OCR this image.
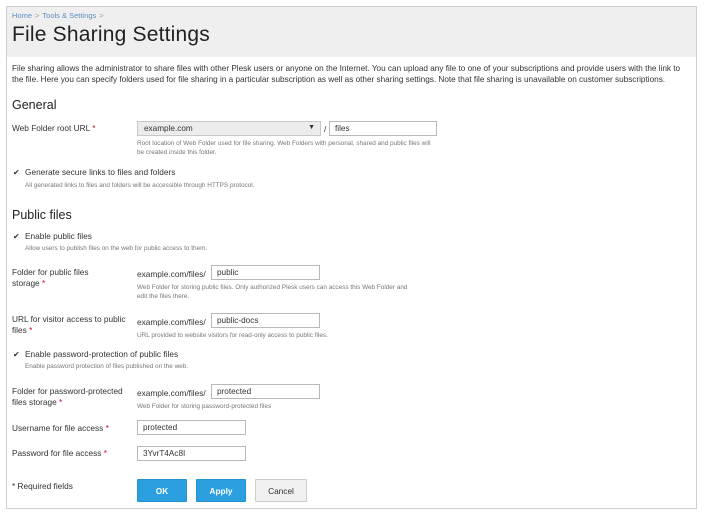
Home > Tools & Settings >
File Sharing Settings
File sharing allows the administrator to share files with other Plesk users or anyone on the Internet. You can upload any file to one of your subscriptions and provide users with the link to the file. Here you can specify folders used for file sharing in a particular subscription as well as other sharing settings. Note that file sharing is unavailable on customer subscriptions.
General
Web Folder root URL *	example.com	▼ /	files
Root location of Web Folder used for file sharing. Web Folders with personal, shared and public files will be created inside this folder.
✔ Generate secure links to files and folders
All generated links to files and folders will be accessible through HTTPS protocol.
Public files
✔ Enable public files
Allow users to publish files on the web for public access to them.
Folder for public files
storage *
example.com/files/	public
Web Folder for storing public files. Only authorized Plesk users can access this Web Folder and edit the files there.
URL for visitor access to public
files *
example.com/files/	public-docs
URL provided to website visitors for read-only access to public files.
✔ Enable password-protection of public files
Enable password protection of files published on the web.
Folder for password-protected
files storage *
example.com/files/	protected
Web Folder for storing password-protected files
Username for file access *	protected
Password for file access *	3YvrT4Ac8I
* Required fields	OK	Apply	Cancel
